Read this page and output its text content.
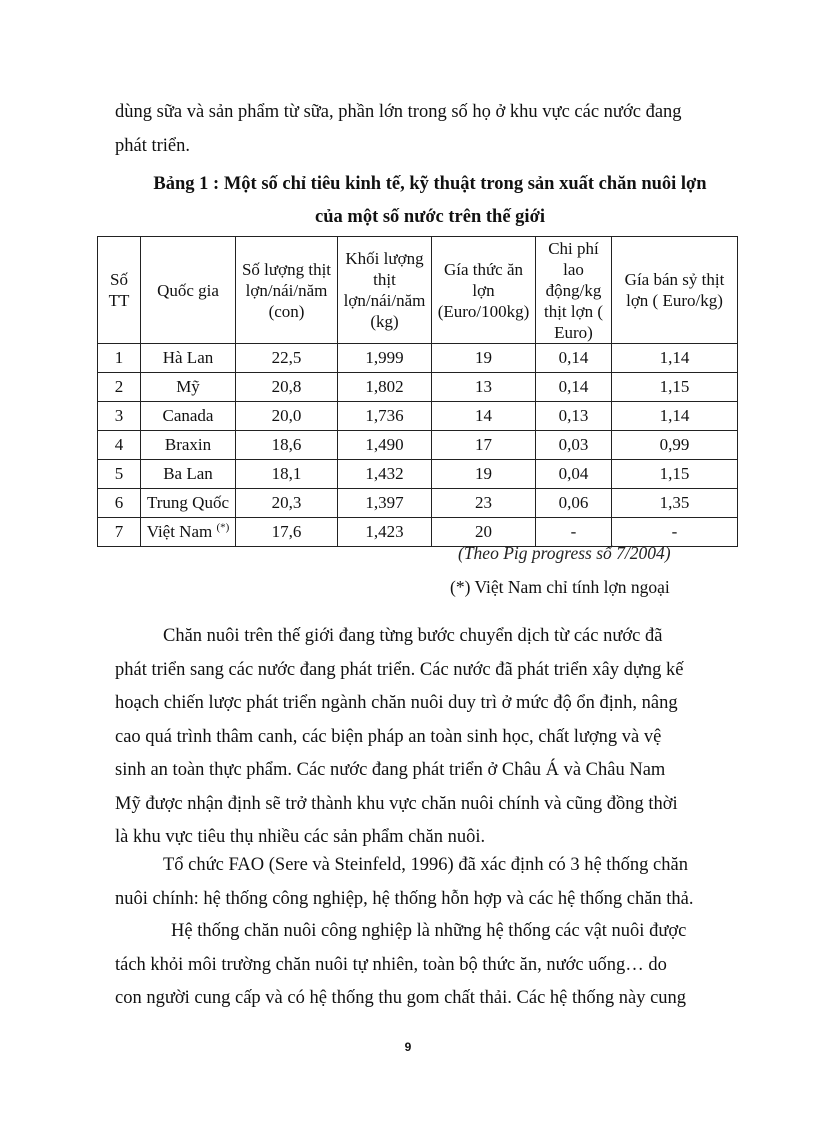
dùng sữa và sản phẩm từ sữa, phần lớn trong số họ ở khu vực các nước đang
phát triển.

Bảng 1 : Một số chỉ tiêu kinh tế, kỹ thuật trong sản xuất chăn nuôi lợn

của một số nước trên thế giới

Số TT	Quốc gia	Số lượng thịt lợn/nái/năm (con)	Khối lượng thịt lợn/nái/năm (kg)	Gía thức ăn lợn (Euro/100kg)	Chi phí lao động/kg thịt lợn ( Euro)	Gía bán sỷ thịt lợn ( Euro/kg)
1	Hà Lan	22,5	1,999	19	0,14	1,14
2	Mỹ	20,8	1,802	13	0,14	1,15
3	Canada	20,0	1,736	14	0,13	1,14
4	Braxin	18,6	1,490	17	0,03	0,99
5	Ba Lan	18,1	1,432	19	0,04	1,15
6	Trung Quốc	20,3	1,397	23	0,06	1,35
7	Việt Nam (*)	17,6	1,423	20	-	-
(Theo Pig progress số 7/2004)
(*) Việt Nam chỉ tính lợn ngoại
Chăn nuôi trên thế giới đang từng bước chuyển dịch từ các nước đã
phát triển sang các nước đang phát triển. Các nước đã phát triển xây dựng kế
hoạch chiến lược phát triển ngành chăn nuôi duy trì ở mức độ ổn định, nâng
cao quá trình thâm canh, các biện pháp an toàn sinh học, chất lượng và vệ
sinh an toàn thực phẩm. Các nước đang phát triển ở Châu Á và Châu Nam
Mỹ được nhận định sẽ trở thành khu vực chăn nuôi chính và cũng đồng thời
là khu vực tiêu thụ nhiều các sản phẩm chăn nuôi.
Tổ chức FAO (Sere và Steinfeld, 1996) đã xác định có 3 hệ thống chăn
nuôi chính: hệ thống công nghiệp, hệ thống hỗn hợp và các hệ thống chăn thả.
Hệ thống chăn nuôi công nghiệp là những hệ thống các vật nuôi được
tách khỏi môi trường chăn nuôi tự nhiên, toàn bộ thức ăn, nước uống… do
con người cung cấp và có hệ thống thu gom chất thải. Các hệ thống này cung
9
